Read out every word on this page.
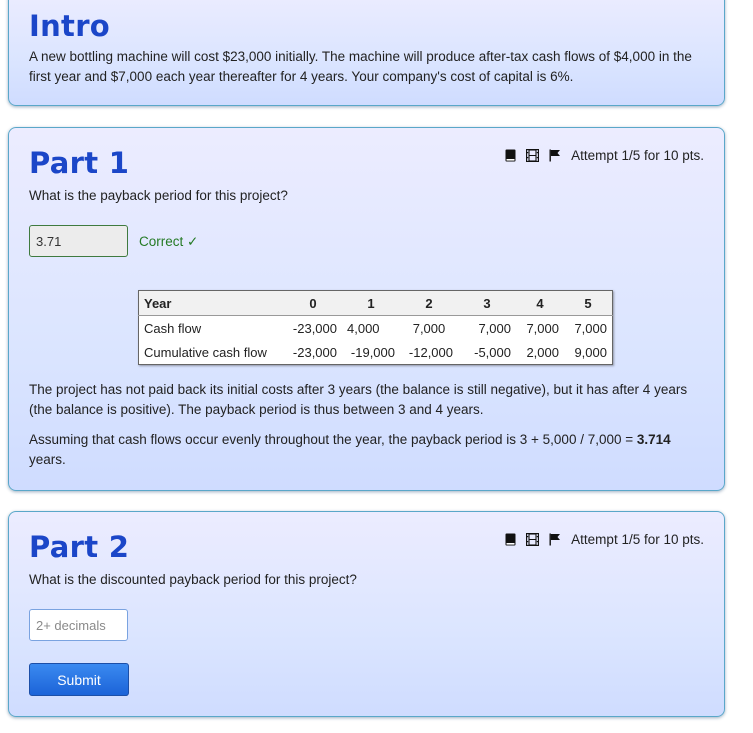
Intro

A new bottling machine will cost $23,000 initially. The machine will produce after-tax cash flows of $4,000 in the first year and $7,000 each year thereafter for 4 years. Your company's cost of capital is 6%.

Part 1	Attempt 1/5 for 10 pts.

What is the payback period for this project?

3.71	Correct ✓
Year	0	1	2	3	4	5
Cash flow	-23,000	4,000	7,000	7,000	7,000	7,000
Cumulative cash flow	-23,000	-19,000	-12,000	-5,000	2,000	9,000

The project has not paid back its initial costs after 3 years (the balance is still negative), but it has after 4 years (the balance is positive). The payback period is thus between 3 and 4 years.

Assuming that cash flows occur evenly throughout the year, the payback period is 3 + 5,000 / 7,000 = 3.714 years.

Part 2	Attempt 1/5 for 10 pts.

What is the discounted payback period for this project?

2+ decimals
Submit
